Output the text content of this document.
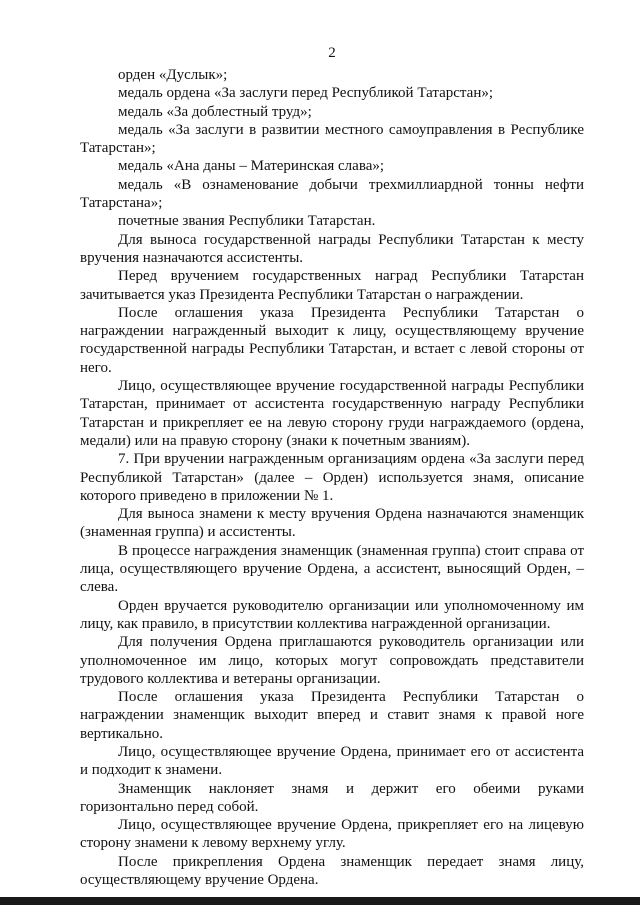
2

орден «Дуслык»;

медаль ордена «За заслуги перед Республикой Татарстан»;

медаль «За доблестный труд»;

медаль «За заслуги в развитии местного самоуправления в Республике Татарстан»;

медаль «Ана даны – Материнская слава»;

медаль «В ознаменование добычи трехмиллиардной тонны нефти Татарстана»;

почетные звания Республики Татарстан.

Для выноса государственной награды Республики Татарстан к месту вручения назначаются ассистенты.

Перед вручением государственных наград Республики Татарстан зачитывается указ Президента Республики Татарстан о награждении.

После оглашения указа Президента Республики Татарстан о награждении награжденный выходит к лицу, осуществляющему вручение государственной награды Республики Татарстан, и встает с левой стороны от него.

Лицо, осуществляющее вручение государственной награды Республики Татарстан, принимает от ассистента государственную награду Республики Татарстан и прикрепляет ее на левую сторону груди награждаемого (ордена, медали) или на правую сторону (знаки к почетным званиям).

7. При вручении награжденным организациям ордена «За заслуги перед Республикой Татарстан» (далее – Орден) используется знамя, описание которого приведено в приложении № 1.

Для выноса знамени к месту вручения Ордена назначаются знаменщик (знаменная группа) и ассистенты.

В процессе награждения знаменщик (знаменная группа) стоит справа от лица, осуществляющего вручение Ордена, а ассистент, выносящий Орден, – слева.

Орден вручается руководителю организации или уполномоченному им лицу, как правило, в присутствии коллектива награжденной организации.

Для получения Ордена приглашаются руководитель организации или уполномоченное им лицо, которых могут сопровождать представители трудового коллектива и ветераны организации.

После оглашения указа Президента Республики Татарстан о награждении знаменщик выходит вперед и ставит знамя к правой ноге вертикально.

Лицо, осуществляющее вручение Ордена, принимает его от ассистента и подходит к знамени.

Знаменщик наклоняет знамя и держит его обеими руками горизонтально перед собой.

Лицо, осуществляющее вручение Ордена, прикрепляет его на лицевую сторону знамени к левому верхнему углу.

После прикрепления Ордена знаменщик передает знамя лицу, осуществляющему вручение Ордена.
